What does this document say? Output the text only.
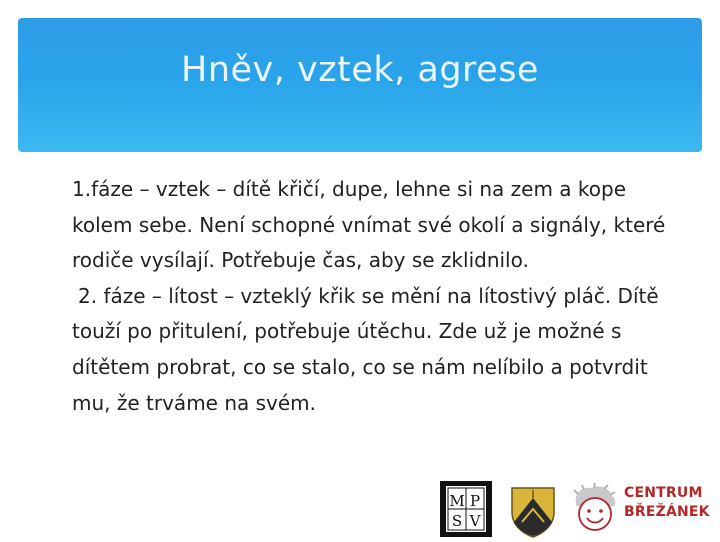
Hněv, vztek, agrese

1.fáze – vztek – dítě křičí, dupe, lehne si na zem a kope kolem sebe. Není schopné vnímat své okolí a signály, které rodiče vysílají. Potřebuje čas, aby se zklidnilo.

2. fáze – lítost – vzteklý křik se mění na lítostivý pláč. Dítě touží po přitulení, potřebuje útěchu. Zde už je možné s dítětem probrat, co se stalo, co se nám nelíbilo a potvrdit mu, že trváme na svém.

M P
S V
CENTRUM
BŘEŽÁNEK
